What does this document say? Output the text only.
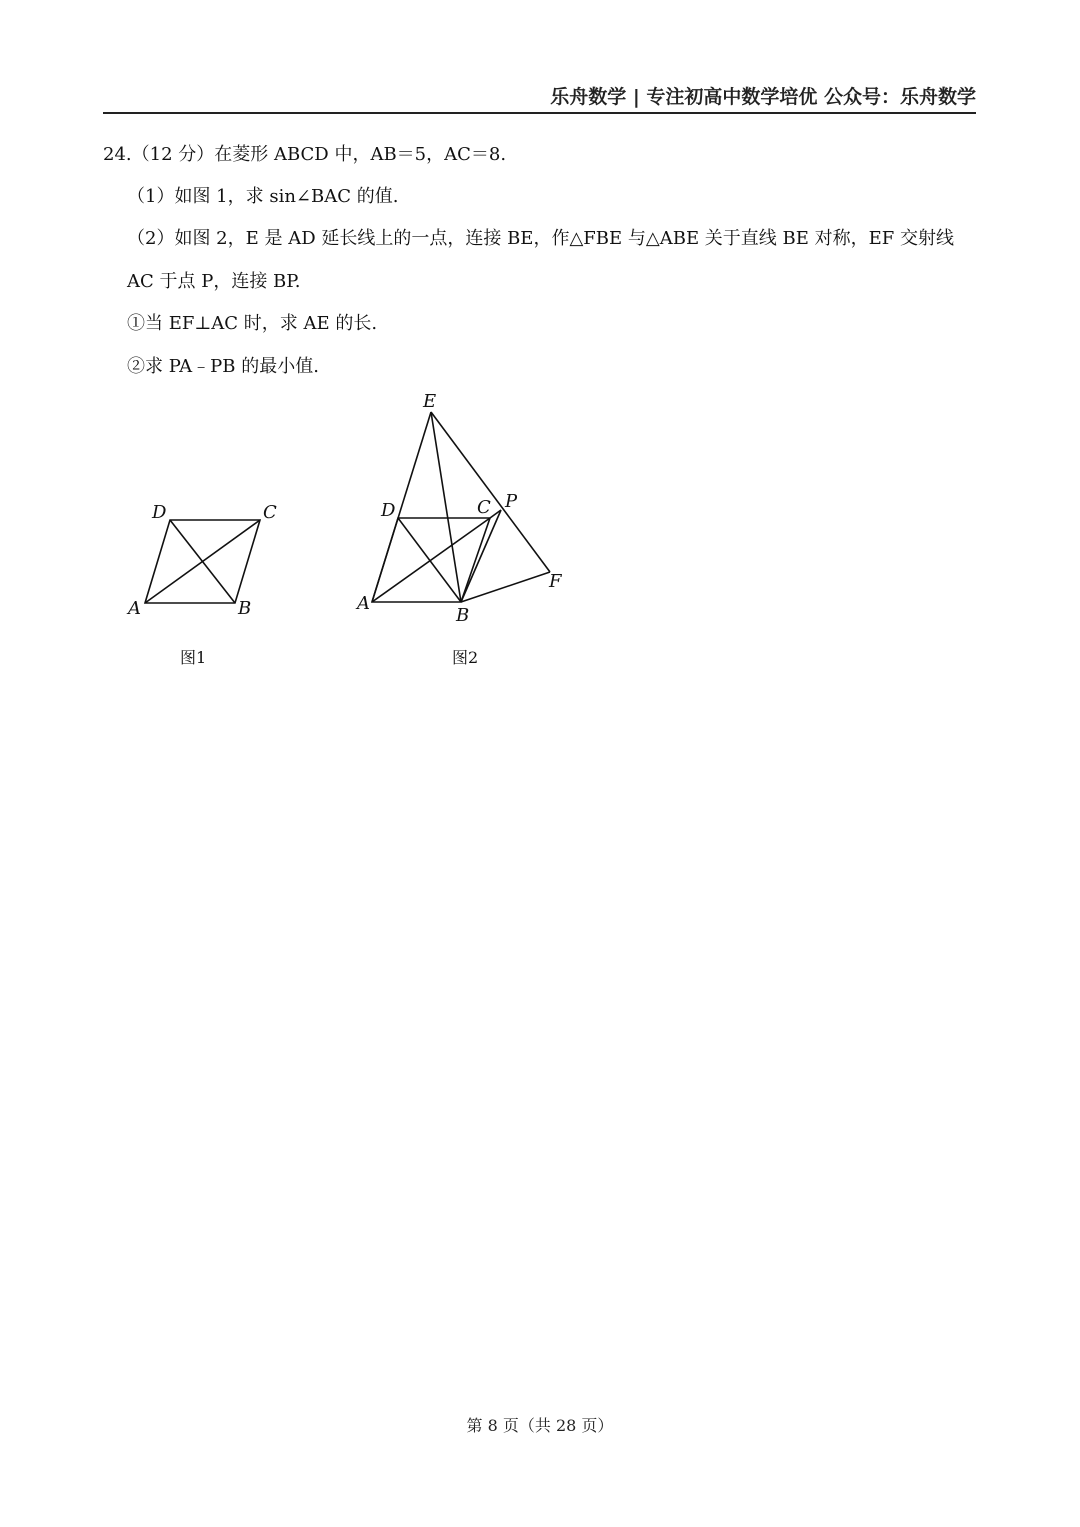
乐舟数学 | 专注初高中数学培优 公众号：乐舟数学
24.（12 分）在菱形 ABCD 中，AB＝5，AC＝8.
（1）如图 1，求 sin∠BAC 的值.
（2）如图 2，E 是 AD 延长线上的一点，连接 BE，作△FBE 与△ABE 关于直线 BE 对称，EF 交射线
AC 于点 P，连接 BP.
①当 EF⊥AC 时，求 AE 的长.
②求 PA﹣PB 的最小值.
A	B
C
D
图1
E
D	C P
A
B
F
图2
第 8 页（共 28 页）
